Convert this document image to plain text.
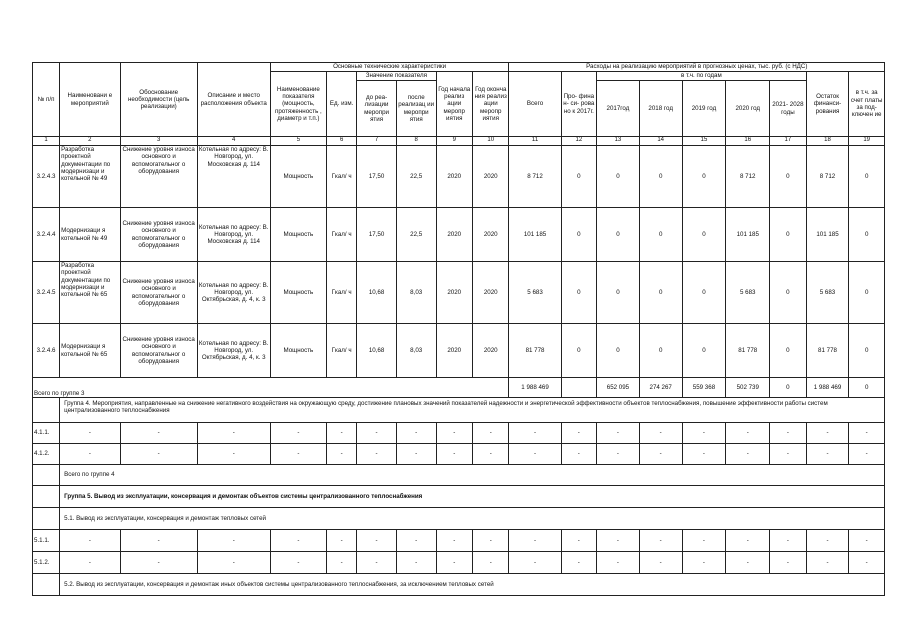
№ п/п	Наименовани е мероприятий	Обоснование необходимости (цель реализации)	Описание и место расположения объекта	Основные технические характеристики						Расходы на реализацию мероприятий в прогнозных ценах, тыс. руб. (с НДС)								
				Наименование показателя (мощность, протяженность , диаметр и т.п.)	Ед. изм.	Значение показателя		Год начала реализ ации меропр иятия	Год оконча ния реализ ации меропр иятия	Всего	Про- фина н- си- рова но к 2017г.	в т.ч. по годам					Остаток финанси- рования	в т.ч. за счет платы за под- ключен ие
						до реа- лизации меропри ятия	после реализац ии меропри ятия					2017год	2018 год	2019 год	2020 год	2021- 2028 годы		
1	2	3	4	5	6	7	8	9	10	11	12	13	14	15	16	17	18	19
3.2.4.3	Разработка проектной документации по модернизаци и котельной № 49	Снижение уровня износа основного и вспомогательног о оборудования	Котельная по адресу: В. Новгород, ул. Московская д. 114	Мощность	Гкал/ ч	17,50	22,5	2020	2020	8 712	0	0	0	0	8 712	0	8 712	0
3.2.4.4	Модернизаци я котельной № 49	Снижение уровня износа основного и вспомогательног о оборудования	Котельная по адресу: В. Новгород, ул. Московская д. 114	Мощность	Гкал/ ч	17,50	22,5	2020	2020	101 185	0	0	0	0	101 185	0	101 185	0
3.2.4.5	Разработка проектной документации по модернизаци и котельной № 65	Снижение уровня износа основного и вспомогательног о оборудования	Котельная по адресу: В. Новгород, ул. Октябрьская, д. 4, к. 3	Мощность	Гкал/ ч	10,68	8,03	2020	2020	5 683	0	0	0	0	5 683	0	5 683	0
3.2.4.6	Модернизаци я котельной № 65	Снижение уровня износа основного и вспомогательног о оборудования	Котельная по адресу: В. Новгород, ул. Октябрьская, д. 4, к. 3	Мощность	Гкал/ ч	10,68	8,03	2020	2020	81 778	0	0	0	0	81 778	0	81 778	0
Всего по группе 3										1 988 469		652 095	274 267	559 368	502 739	0	1 988 469	0
	Группа 4. Мероприятия, направленные на снижение негативного воздействия на окружающую среду, достижение плановых значений показателей надежности и энергетической эффективности объектов теплоснабжения, повышение эффективности работы систем централизованного теплоснабжения																	
4.1.1.	-	-	-	-	-	-	-	-	-	-	-	-	-	-	-	-	-	-
4.1.2.	-	-	-	-	-	-	-	-	-	-	-	-	-	-	-	-	-	-
	Всего по группе 4																	
	Группа 5. Вывод из эксплуатации, консервация и демонтаж объектов системы централизованного теплоснабжения																	
	5.1. Вывод из эксплуатации, консервация и демонтаж тепловых сетей																	
5.1.1.	-	-	-	-	-	-	-	-	-	-	-	-	-	-	-	-	-	-
5.1.2.	-	-	-	-	-	-	-	-	-	-	-	-	-	-	-	-	-	-
	5.2. Вывод из эксплуатации, консервация и демонтаж иных объектов системы централизованного теплоснабжения, за исключением тепловых сетей																	
